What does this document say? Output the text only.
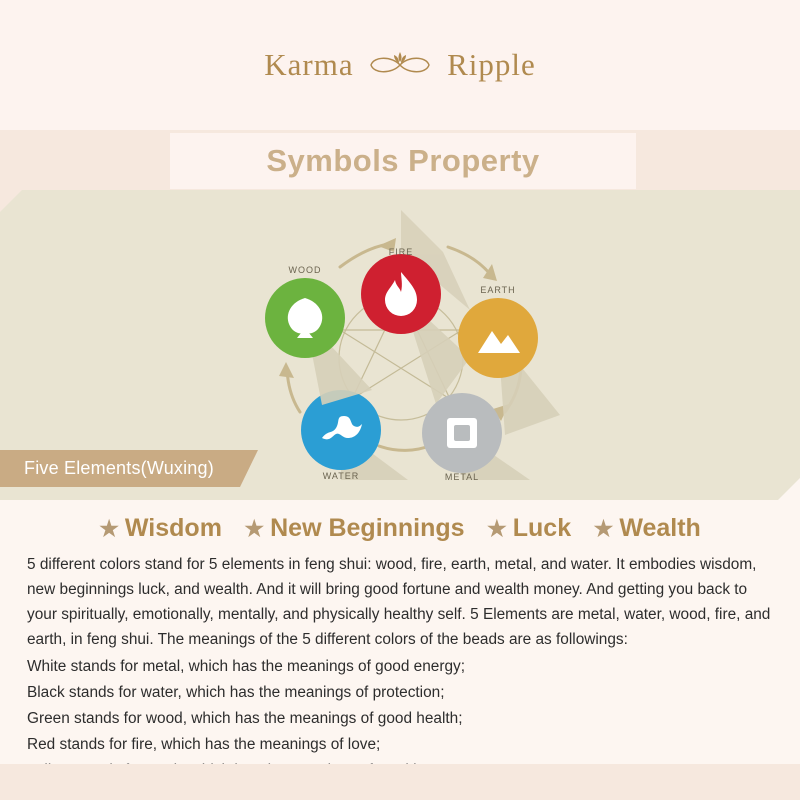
Karma	Ripple
Symbols Property
FIRE
EARTH
METAL
WATER
WOOD
Five Elements(Wuxing)
★ Wisdom ★ New Beginnings ★ Luck ★ Wealth

5 different colors stand for 5 elements in feng shui: wood, fire, earth, metal, and water. It embodies wisdom, new beginnings luck, and wealth. And it will bring good fortune and wealth money. And getting you back to your spiritually, emotionally, mentally, and physically healthy self. 5 Elements are metal, water, wood, fire, and earth, in feng shui. The meanings of the 5 different colors of the beads are as followings:

White stands for metal, which has the meanings of good energy;

Black stands for water, which has the meanings of protection;

Green stands for wood, which has the meanings of good health;

Red stands for fire, which has the meanings of love;
